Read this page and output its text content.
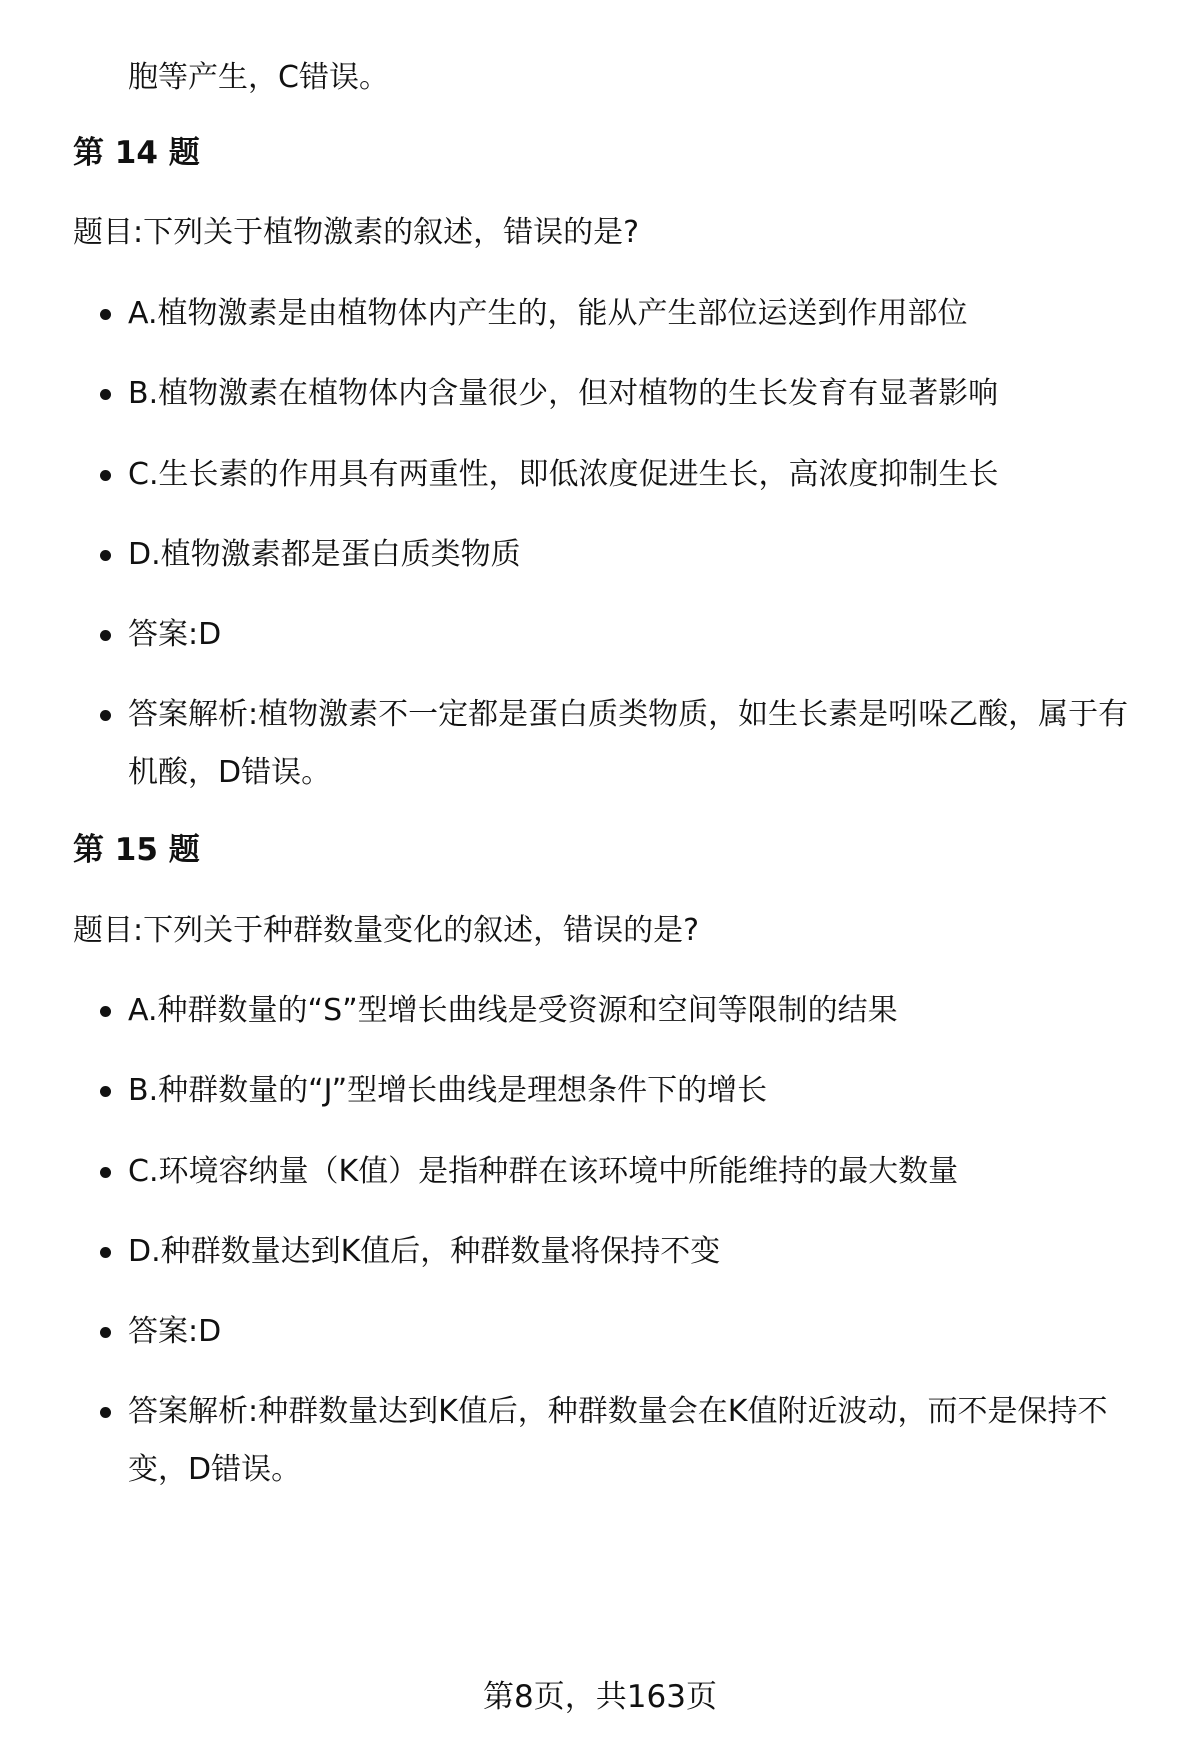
胞等产生，C错误。
第 14 题
题目:下列关于植物激素的叙述，错误的是?
A.植物激素是由植物体内产生的，能从产生部位运送到作用部位
B.植物激素在植物体内含量很少，但对植物的生长发育有显著影响
C.生长素的作用具有两重性，即低浓度促进生长，高浓度抑制生长
D.植物激素都是蛋白质类物质
答案:D
答案解析:植物激素不一定都是蛋白质类物质，如生长素是吲哚乙酸，属于有机酸，D错误。
第 15 题
题目:下列关于种群数量变化的叙述，错误的是?
A.种群数量的“S”型增长曲线是受资源和空间等限制的结果
B.种群数量的“J”型增长曲线是理想条件下的增长
C.环境容纳量（K值）是指种群在该环境中所能维持的最大数量
D.种群数量达到K值后，种群数量将保持不变
答案:D
答案解析:种群数量达到K值后，种群数量会在K值附近波动，而不是保持不变，D错误。
第8页，共163页
